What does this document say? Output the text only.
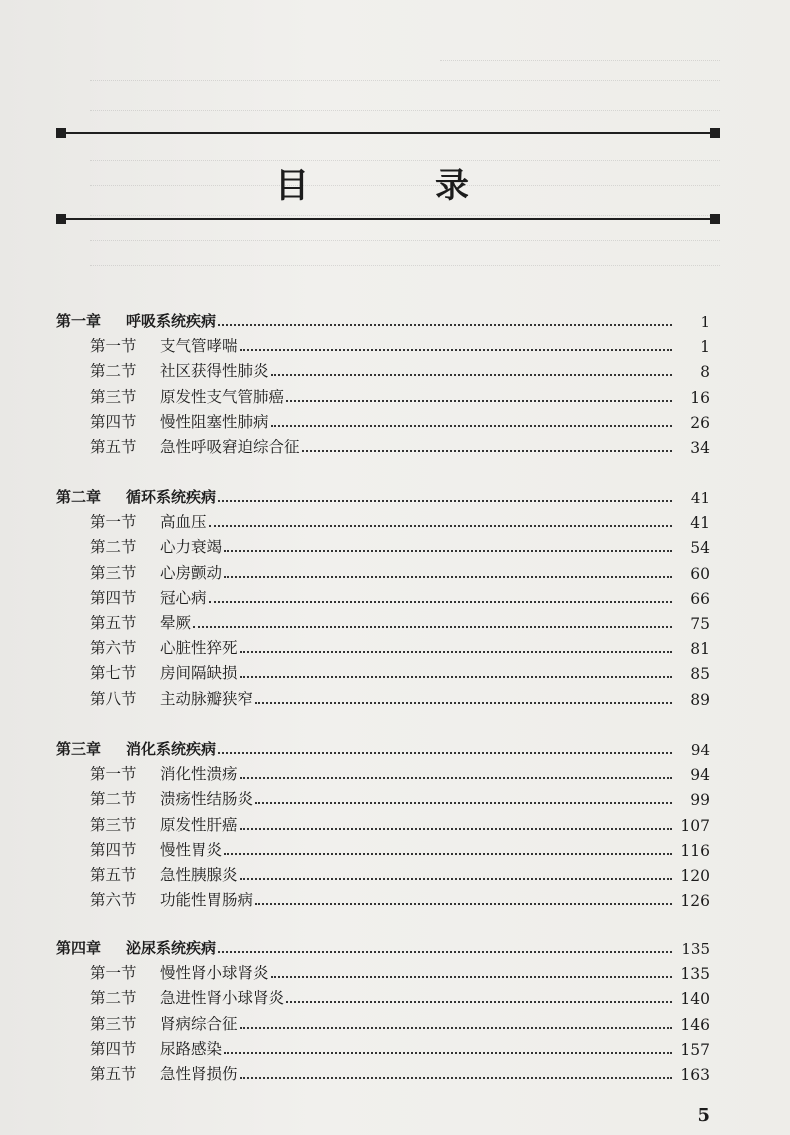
目　录
第一章	呼吸系统疾病	1
第一节	支气管哮喘	1
第二节	社区获得性肺炎	8
第三节	原发性支气管肺癌	16
第四节	慢性阻塞性肺病	26
第五节	急性呼吸窘迫综合征	34
第二章	循环系统疾病	41
第一节	高血压	41
第二节	心力衰竭	54
第三节	心房颤动	60
第四节	冠心病	66
第五节	晕厥	75
第六节	心脏性猝死	81
第七节	房间隔缺损	85
第八节	主动脉瓣狭窄	89
第三章	消化系统疾病	94
第一节	消化性溃疡	94
第二节	溃疡性结肠炎	99
第三节	原发性肝癌	107
第四节	慢性胃炎	116
第五节	急性胰腺炎	120
第六节	功能性胃肠病	126
第四章	泌尿系统疾病	135
第一节	慢性肾小球肾炎	135
第二节	急进性肾小球肾炎	140
第三节	肾病综合征	146
第四节	尿路感染	157
第五节	急性肾损伤	163
5
